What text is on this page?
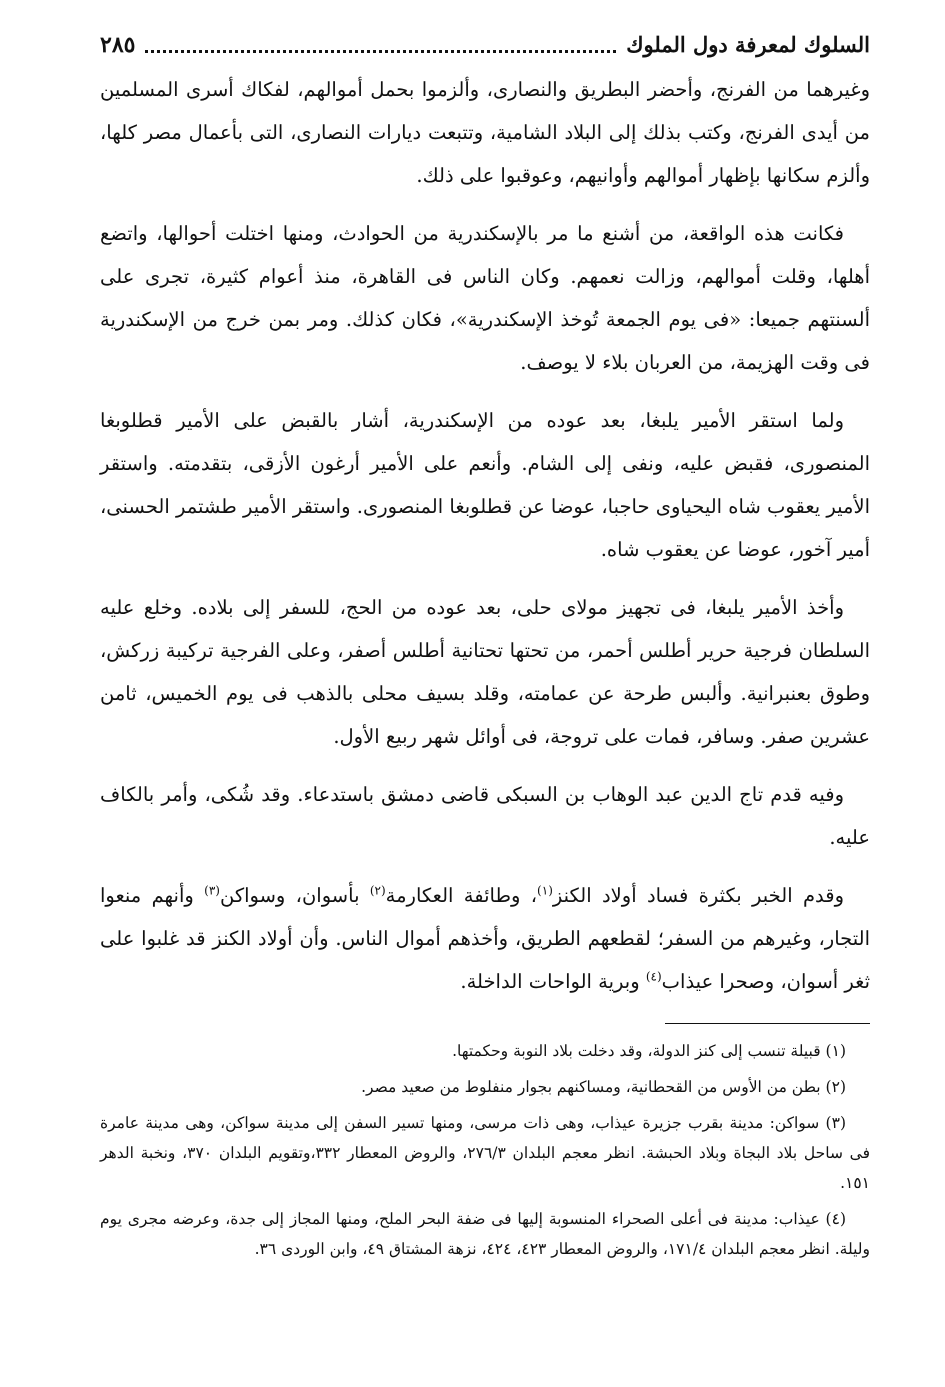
السلوك لمعرفة دول الملوك
٢٨٥

وغيرهما من الفرنج، وأحضر البطريق والنصارى، وألزموا بحمل أموالهم، لفكاك أسرى المسلمين من أيدى الفرنج، وكتب بذلك إلى البلاد الشامية، وتتبعت ديارات النصارى، التى بأعمال مصر كلها، وألزم سكانها بإظهار أموالهم وأوانيهم، وعوقبوا على ذلك.

فكانت هذه الواقعة، من أشنع ما مر بالإسكندرية من الحوادث، ومنها اختلت أحوالها، واتضع أهلها، وقلت أموالهم، وزالت نعمهم. وكان الناس فى القاهرة، منذ أعوام كثيرة، تجرى على ألسنتهم جميعا: «فى يوم الجمعة تُوخذ الإسكندرية»، فكان كذلك. ومر بمن خرج من الإسكندرية فى وقت الهزيمة، من العربان بلاء لا يوصف.

ولما استقر الأمير يلبغا، بعد عوده من الإسكندرية، أشار بالقبض على الأمير قطلوبغا المنصورى، فقبض عليه، ونفى إلى الشام. وأنعم على الأمير أرغون الأزقى، بتقدمته. واستقر الأمير يعقوب شاه اليحياوى حاجبا، عوضا عن قطلوبغا المنصورى. واستقر الأمير طشتمر الحسنى، أمير آخور، عوضا عن يعقوب شاه.

وأخذ الأمير يلبغا، فى تجهيز مولاى حلى، بعد عوده من الحج، للسفر إلى بلاده. وخلع عليه السلطان فرجية حرير أطلس أحمر، من تحتها تحتانية أطلس أصفر، وعلى الفرجية تركيبة زركش، وطوق بعنبرانية. وألبس طرحة عن عمامته، وقلد بسيف محلى بالذهب فى يوم الخميس، ثامن عشرين صفر. وسافر، فمات على تروجة، فى أوائل شهر ربيع الأول.

وفيه قدم تاج الدين عبد الوهاب بن السبكى قاضى دمشق باستدعاء. وقد شُكى، وأمر بالكاف عليه.

وقدم الخبر بكثرة فساد أولاد الكنز$^{(١)}$، وطائفة العكارمة$^{(٢)}$ بأسوان، وسواكن$^{(٣)}$ وأنهم منعوا التجار، وغيرهم من السفر؛ لقطعهم الطريق، وأخذهم أموال الناس. وأن أولاد الكنز قد غلبوا على ثغر أسوان، وصحرا عيذاب$^{(٤)}$ وبرية الواحات الداخلة.

(١) قبيلة تنسب إلى كنز الدولة، وقد دخلت بلاد النوبة وحكمتها.

(٢) بطن من الأوس من القحطانية، ومساكنهم بجوار منفلوط من صعيد مصر.

(٣) سواكن: مدينة بقرب جزيرة عيذاب، وهى ذات مرسى، ومنها تسير السفن إلى مدينة سواكن، وهى مدينة عامرة فى ساحل بلاد البجاة وبلاد الحبشة. انظر معجم البلدان ٢٧٦/٣، والروض المعطار ٣٣٢،وتقويم البلدان ٣٧٠، ونخبة الدهر ١٥١.

(٤) عيذاب: مدينة فى أعلى الصحراء المنسوبة إليها فى ضفة البحر الملح، ومنها المجاز إلى جدة، وعرضه مجرى يوم وليلة. انظر معجم البلدان ١٧١/٤، والروض المعطار ٤٢٣، ٤٢٤، نزهة المشتاق ٤٩، وابن الوردى ٣٦.
